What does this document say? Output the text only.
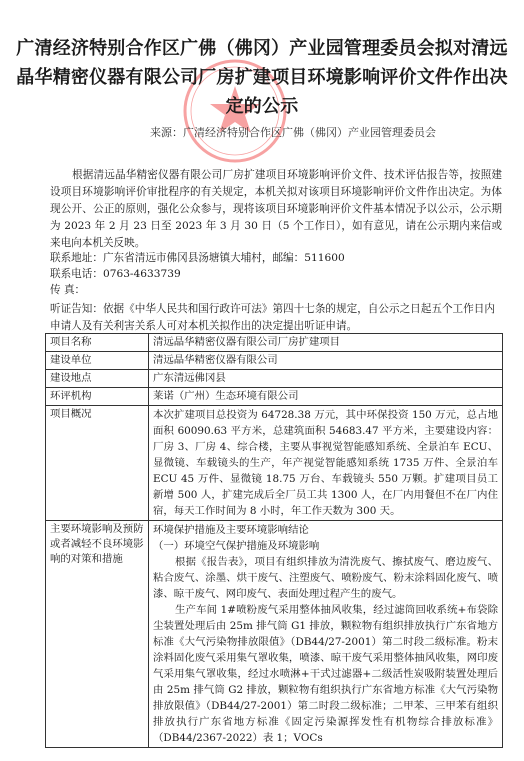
广清经济特别合作区广佛（佛冈）产业园管理委员会拟对清远晶华精密仪器有限公司厂房扩建项目环境影响评价文件作出决定的公示
来源：广清经济特别合作区广佛（佛冈）产业园管理委员会

根据清远晶华精密仪器有限公司厂房扩建项目环境影响评价文件、技术评估报告等，按照建设项目环境影响评价审批程序的有关规定，本机关拟对该项目环境影响评价文件作出决定。为体现公开、公正的原则，强化公众参与，现将该项目环境影响评价文件基本情况予以公示，公示期为 2023 年 2 月 23 日至 2023 年 3 月 30 日（5 个工作日），如有意见，请在公示期内来信或来电向本机关反映。

联系地址：广东省清远市佛冈县汤塘镇大埔村，邮编：511600
联系电话：0763-4633739
传 真：

听证告知：依据《中华人民共和国行政许可法》第四十七条的规定，自公示之日起五个工作日内申请人及有关利害关系人可对本机关拟作出的决定提出听证申请。

项目名称	清远晶华精密仪器有限公司厂房扩建项目
建设单位	清远晶华精密仪器有限公司
建设地点	广东清远佛冈县
环评机构	莱诺（广州）生态环境有限公司
项目概况	本次扩建项目总投资为 64728.38 万元，其中环保投资 150 万元，总占地面积 60090.63 平方米，总建筑面积 54683.47 平方米，主要建设内容：厂房 3、厂房 4、综合楼，主要从事视觉智能感知系统、全景泊车 ECU、显微镜、车载镜头的生产，年产视觉智能感知系统 1735 万件、全景泊车 ECU 45 万件、显微镜 18.75 万台、车载镜头 550 万颗。扩建项目员工新增 500 人，扩建完成后全厂员工共 1300 人，在厂内用餐但不在厂内住宿，每天工作时间为 8 小时，年工作天数为 300 天。

主要环境影响及预防或者减轻不良环境影响的对策和措施	环境保护措施及主要环境影响结论

（一）环境空气保护措施及环境影响

根据《报告表》，项目有组织排放为清洗废气、擦拭废气、磨边废气、粘合废气、涂墨、烘干废气、注塑废气、喷粉废气、粉末涂料固化废气、喷漆、晾干废气、网印废气、表面处理过程产生的废气。

生产车间 1#喷粉废气采用整体抽风收集，经过滤筒回收系统+布袋除尘装置处理后由 25m 排气筒 G1 排放，颗粒物有组织排放执行广东省地方标准《大气污染物排放限值》（DB44/27-2001）第二时段二级标准。粉末涂料固化废气采用集气罩收集，喷漆、晾干废气采用整体抽风收集，网印废气采用集气罩收集，经过水喷淋+干式过滤器+二级活性炭吸附装置处理后由 25m 排气筒 G2 排放，颗粒物有组织执行广东省地方标准《大气污染物排放限值》（DB44/27-2001）第二时段二级标准；二甲苯、三甲苯有组织排放执行广东省地方标准《固定污染源挥发性有机物综合排放标准》（DB44/2367-2022）表 1；VOCs
